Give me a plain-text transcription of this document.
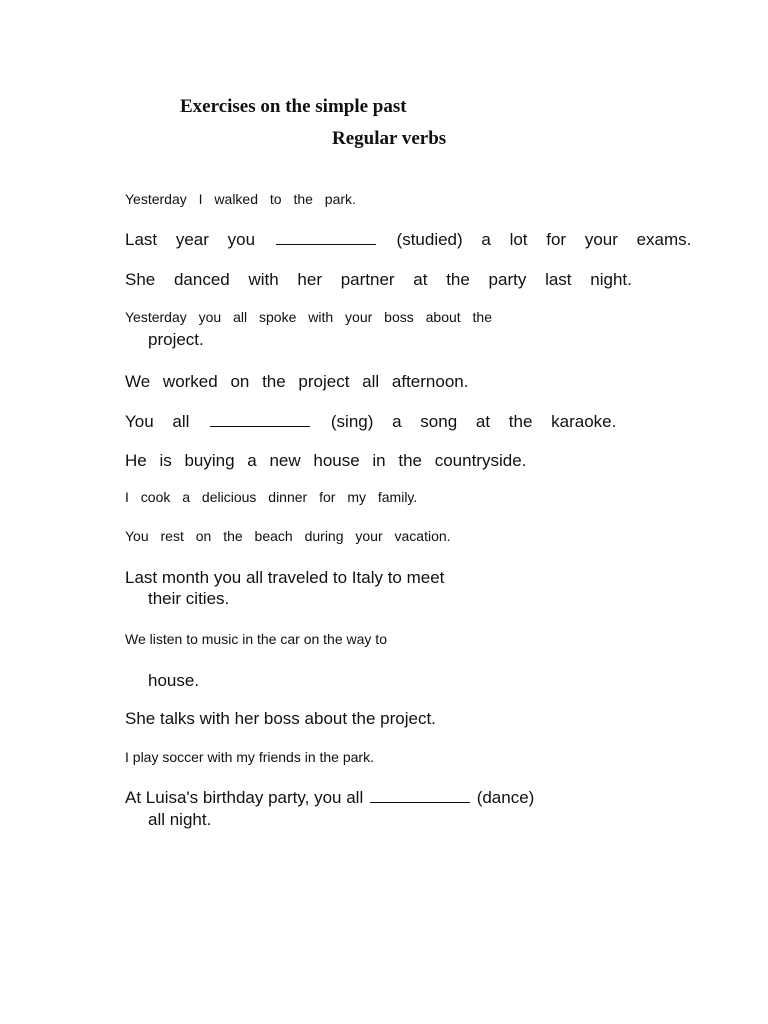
Exercises on the simple past
Regular verbs
Yesterday I walked to the park.
Last year you	(studied) a lot for your exams.
She danced with her partner at the party last night.
Yesterday you all spoke with your boss about the
project.
We worked on the project all afternoon.
You all	(sing) a song at the karaoke.
He is buying a new house in the countryside.
I cook a delicious dinner for my family.
You rest on the beach during your vacation.
Last month you all traveled to Italy to meet
their cities.
We listen to music in the car on the way to
house.
She talks with her boss about the project.
I play soccer with my friends in the park.
At Luisa's birthday party, you all	(dance)
all night.
